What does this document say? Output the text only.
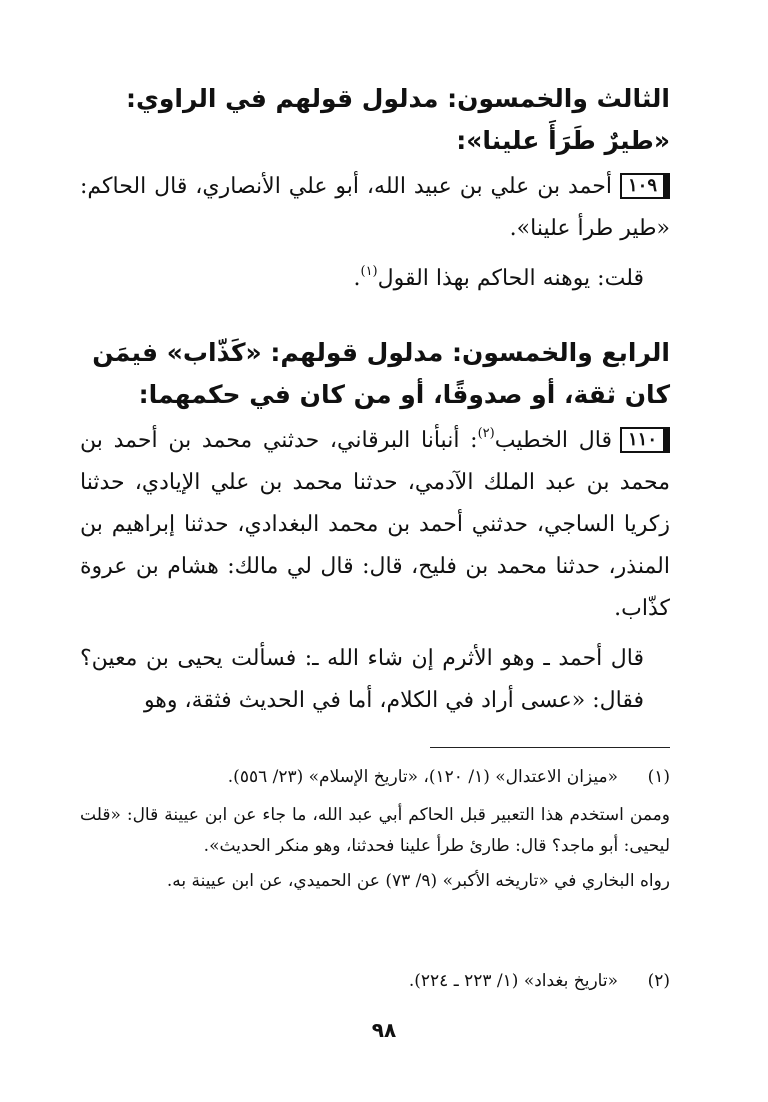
الثالث والخمسون: مدلول قولهم في الراوي: «طيرٌ طَرَأَ علينا»:
١٠٩أحمد بن علي بن عبيد الله، أبو علي الأنصاري، قال الحاكم: «طير طرأ علينا».
قلت: يوهنه الحاكم بهذا القول$^{(١)}$.
الرابع والخمسون: مدلول قولهم: «كَذّاب» فيمَن كان ثقة، أو صدوقًا، أو من كان في حكمهما:
١١٠قال الخطيب$^{(٢)}$: أنبأنا البرقاني، حدثني محمد بن أحمد بن محمد بن عبد الملك الآدمي، حدثنا محمد بن علي الإيادي، حدثنا زكريا الساجي، حدثني أحمد بن محمد البغدادي، حدثنا إبراهيم بن المنذر، حدثنا محمد بن فليح، قال: قال لي مالك: هشام بن عروة كذّاب.
قال أحمد ـ وهو الأثرم إن شاء الله ـ: فسألت يحيى بن معين؟ فقال: «عسى أراد في الكلام، أما في الحديث فثقة، وهو
(١)
«ميزان الاعتدال» (١/ ١٢٠)، «تاريخ الإسلام» (٢٣/ ٥٥٦).
وممن استخدم هذا التعبير قبل الحاكم أبي عبد الله، ما جاء عن ابن عيينة قال: «قلت ليحيى: أبو ماجد؟ قال: طارئ طرأ علينا فحدثنا، وهو منكر الحديث».
رواه البخاري في «تاريخه الأكبر» (٩/ ٧٣) عن الحميدي، عن ابن عيينة به.
(٢)
«تاريخ بغداد» (١/ ٢٢٣ ـ ٢٢٤).
٩٨
